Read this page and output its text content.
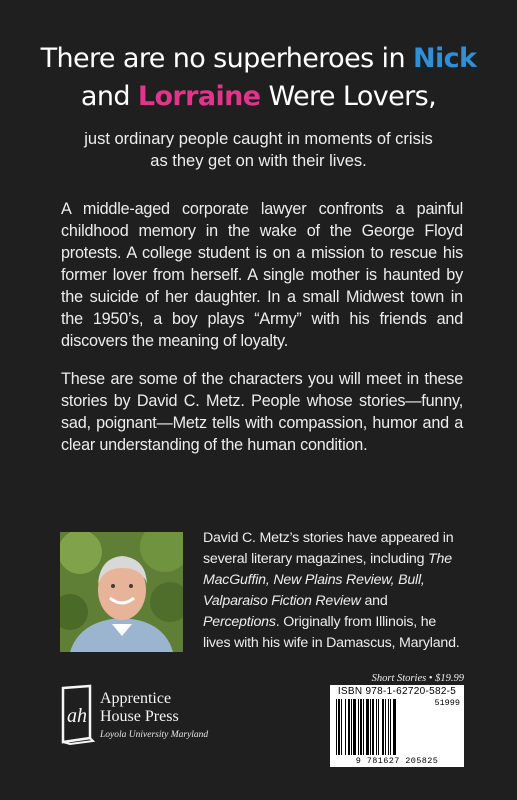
There are no superheroes in Nick
and Lorraine Were Lovers,
just ordinary people caught in moments of crisis
as they get on with their lives.
A middle-aged corporate lawyer confronts a painful childhood memory in the wake of the George Floyd protests. A college student is on a mission to rescue his former lover from herself. A single mother is haunted by the suicide of her daughter. In a small Midwest town in the 1950’s, a boy plays “Army” with his friends and discovers the meaning of loyalty.
These are some of the characters you will meet in these stories by David C. Metz. People whose stories—funny, sad, poignant—Metz tells with compassion, humor and a clear understanding of the human condition.
David C. Metz’s stories have appeared in several literary magazines, including The MacGuffin, New Plains Review, Bull, Valparaiso Fiction Review and Perceptions. Originally from Illinois, he lives with his wife in Damascus, Maryland.
ah
Apprentice
House Press
Loyola University Maryland
Short Stories • $19.99
ISBN 978-1-62720-582-5
51999
9 781627 205825
